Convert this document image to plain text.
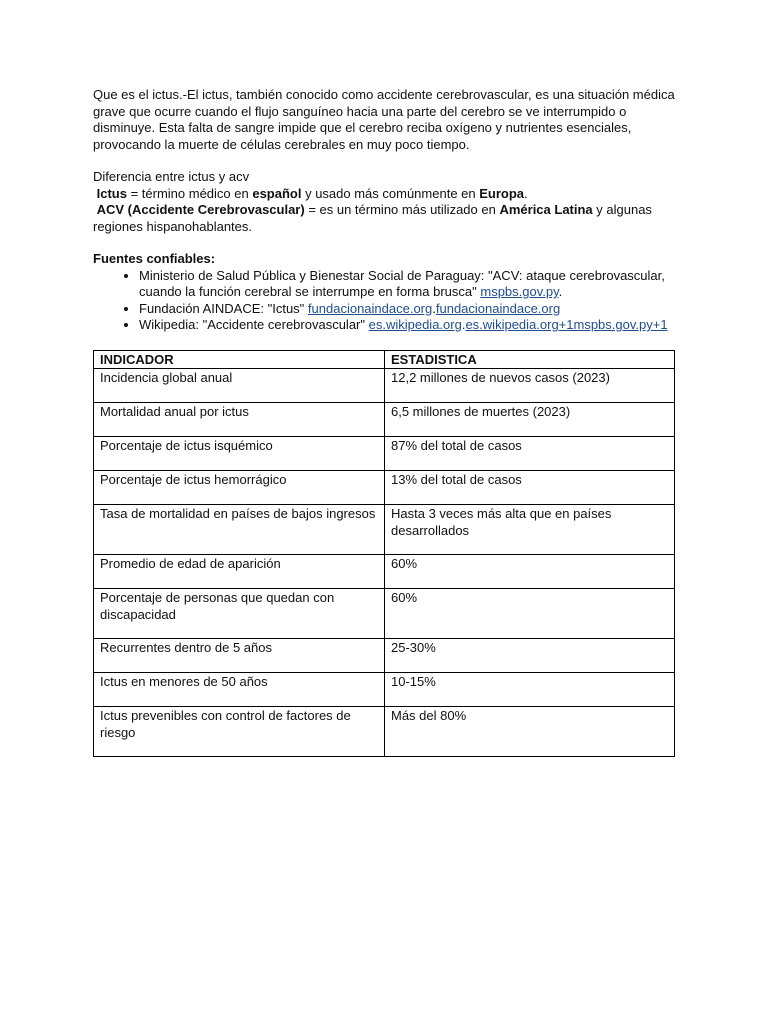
Que es el ictus.-El ictus, también conocido como accidente cerebrovascular, es una situación médica grave que ocurre cuando el flujo sanguíneo hacia una parte del cerebro se ve interrumpido o disminuye. Esta falta de sangre impide que el cerebro reciba oxígeno y nutrientes esenciales, provocando la muerte de células cerebrales en muy poco tiempo.

Diferencia entre ictus y acv

Ictus = término médico en español y usado más comúnmente en Europa.

ACV (Accidente Cerebrovascular) = es un término más utilizado en América Latina y algunas regiones hispanohablantes.

Fuentes confiables:

• Ministerio de Salud Pública y Bienestar Social de Paraguay: "ACV: ataque cerebrovascular, cuando la función cerebral se interrumpe en forma brusca" mspbs.gov.py.
• Fundación AINDACE: "Ictus" fundacionaindace.org.fundacionaindace.org
• Wikipedia: "Accidente cerebrovascular" es.wikipedia.org.es.wikipedia.org+1mspbs.gov.py+1
INDICADOR	ESTADISTICA
Incidencia global anual	12,2 millones de nuevos casos (2023)
Mortalidad anual por ictus	6,5 millones de muertes (2023)
Porcentaje de ictus isquémico	87% del total de casos
Porcentaje de ictus hemorrágico	13% del total de casos
Tasa de mortalidad en países de bajos ingresos	Hasta 3 veces más alta que en países desarrollados
Promedio de edad de aparición	60%
Porcentaje de personas que quedan con discapacidad	60%
Recurrentes dentro de 5 años	25-30%
Ictus en menores de 50 años	10-15%
Ictus prevenibles con control de factores de riesgo	Más del 80%
